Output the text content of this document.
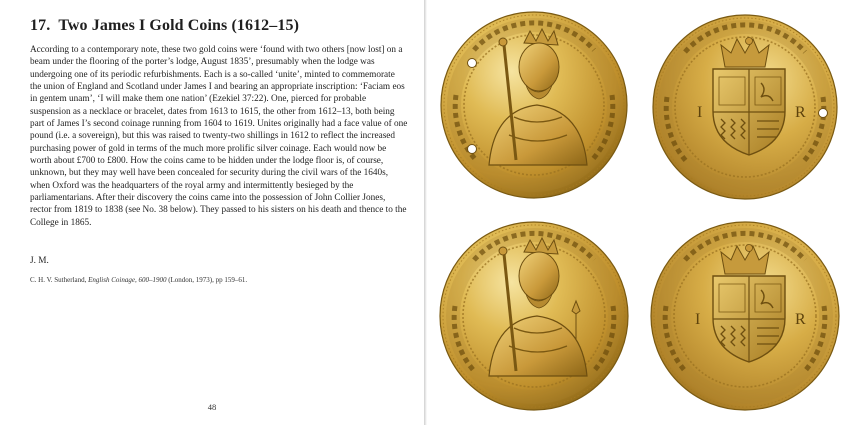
17. Two James I Gold Coins (1612–15)

According to a contemporary note, these two gold coins were ‘found with two others [now lost] on a beam under the flooring of the porter’s lodge, August 1835’, presumably when the lodge was undergoing one of its periodic refurbishments. Each is a so-called ‘unite’, minted to commemorate the union of England and Scotland under James I and bearing an appropriate inscription: ‘Faciam eos in gentem unam’, ‘I will make them one nation’ (Ezekiel 37:22). One, pierced for probable suspension as a necklace or bracelet, dates from 1613 to 1615, the other from 1612–13, both being part of James I’s second coinage running from 1604 to 1619. Unites originally had a face value of one pound (i.e. a sovereign), but this was raised to twenty-two shillings in 1612 to reflect the increased purchasing power of gold in terms of the much more prolific silver coinage. Each would now be worth about £700 to £800. How the coins came to be hidden under the lodge floor is, of course, unknown, but they may well have been concealed for security during the civil wars of the 1640s, when Oxford was the headquarters of the royal army and intermittently besieged by the parliamentarians. After their discovery the coins came into the possession of John Collier Jones, rector from 1819 to 1838 (see No. 38 below). They passed to his sisters on his death and thence to the College in 1865.

J. M.

C. H. V. Sutherland, English Coinage, 600–1900 (London, 1973), pp 159–61.

48

I	R
I	R
